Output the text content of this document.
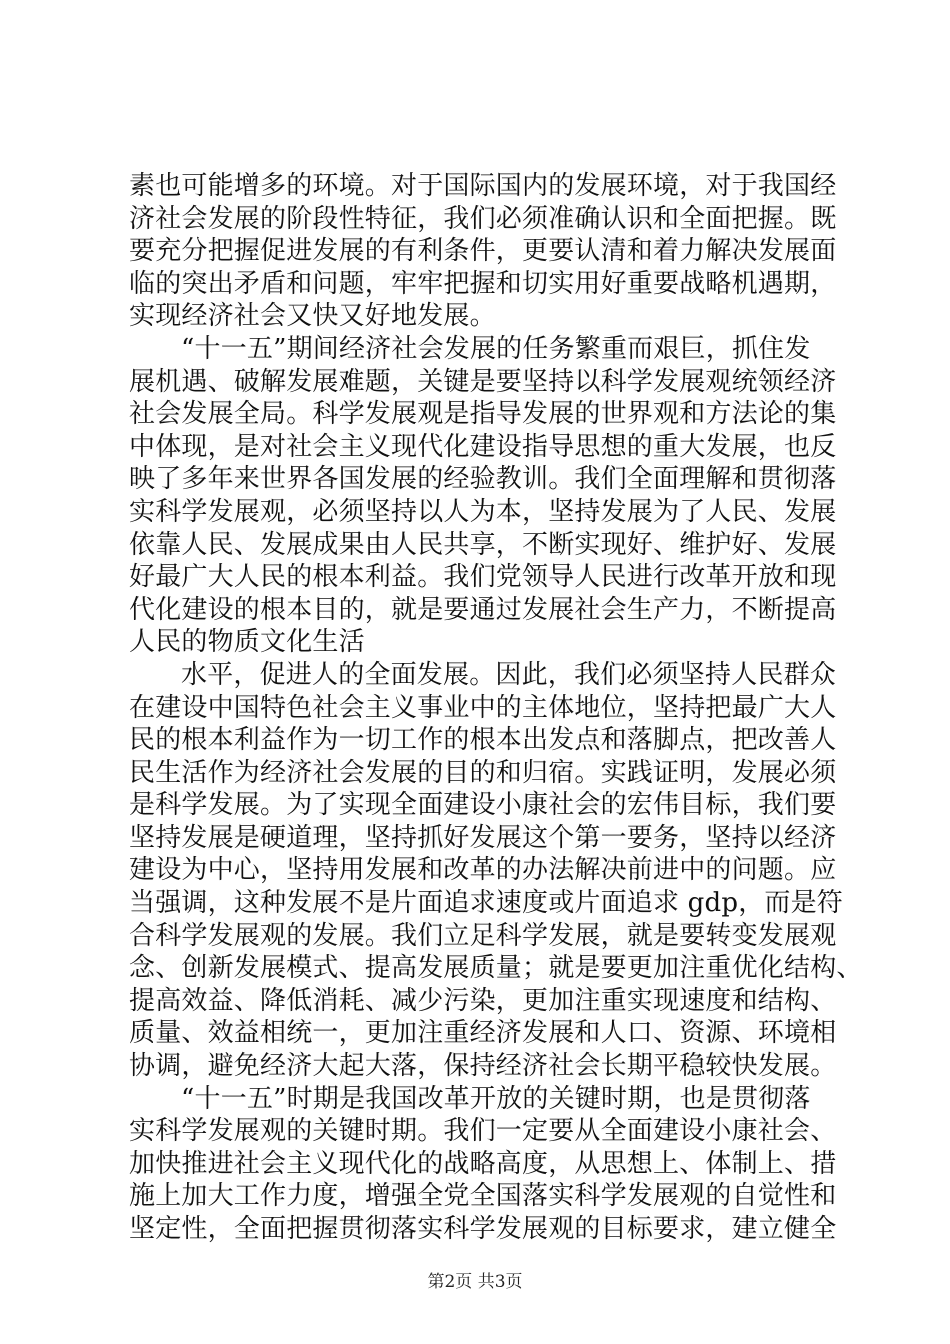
素也可能增多的环境。对于国际国内的发展环境，对于我国经
济社会发展的阶段性特征，我们必须准确认识和全面把握。既
要充分把握促进发展的有利条件，更要认清和着力解决发展面
临的突出矛盾和问题，牢牢把握和切实用好重要战略机遇期，
实现经济社会又快又好地发展。
“十一五”期间经济社会发展的任务繁重而艰巨，抓住发
展机遇、破解发展难题，关键是要坚持以科学发展观统领经济
社会发展全局。科学发展观是指导发展的世界观和方法论的集
中体现，是对社会主义现代化建设指导思想的重大发展，也反
映了多年来世界各国发展的经验教训。我们全面理解和贯彻落
实科学发展观，必须坚持以人为本，坚持发展为了人民、发展
依靠人民、发展成果由人民共享，不断实现好、维护好、发展
好最广大人民的根本利益。我们党领导人民进行改革开放和现
代化建设的根本目的，就是要通过发展社会生产力，不断提高
人民的物质文化生活
水平，促进人的全面发展。因此，我们必须坚持人民群众
在建设中国特色社会主义事业中的主体地位，坚持把最广大人
民的根本利益作为一切工作的根本出发点和落脚点，把改善人
民生活作为经济社会发展的目的和归宿。实践证明，发展必须
是科学发展。为了实现全面建设小康社会的宏伟目标，我们要
坚持发展是硬道理，坚持抓好发展这个第一要务，坚持以经济
建设为中心，坚持用发展和改革的办法解决前进中的问题。应
当强调，这种发展不是片面追求速度或片面追求 gdp，而是符
合科学发展观的发展。我们立足科学发展，就是要转变发展观
念、创新发展模式、提高发展质量；就是要更加注重优化结构、
提高效益、降低消耗、减少污染，更加注重实现速度和结构、
质量、效益相统一，更加注重经济发展和人口、资源、环境相
协调，避免经济大起大落，保持经济社会长期平稳较快发展。
“十一五”时期是我国改革开放的关键时期，也是贯彻落
实科学发展观的关键时期。我们一定要从全面建设小康社会、
加快推进社会主义现代化的战略高度，从思想上、体制上、措
施上加大工作力度，增强全党全国落实科学发展观的自觉性和
坚定性，全面把握贯彻落实科学发展观的目标要求，建立健全
第2页 共3页
